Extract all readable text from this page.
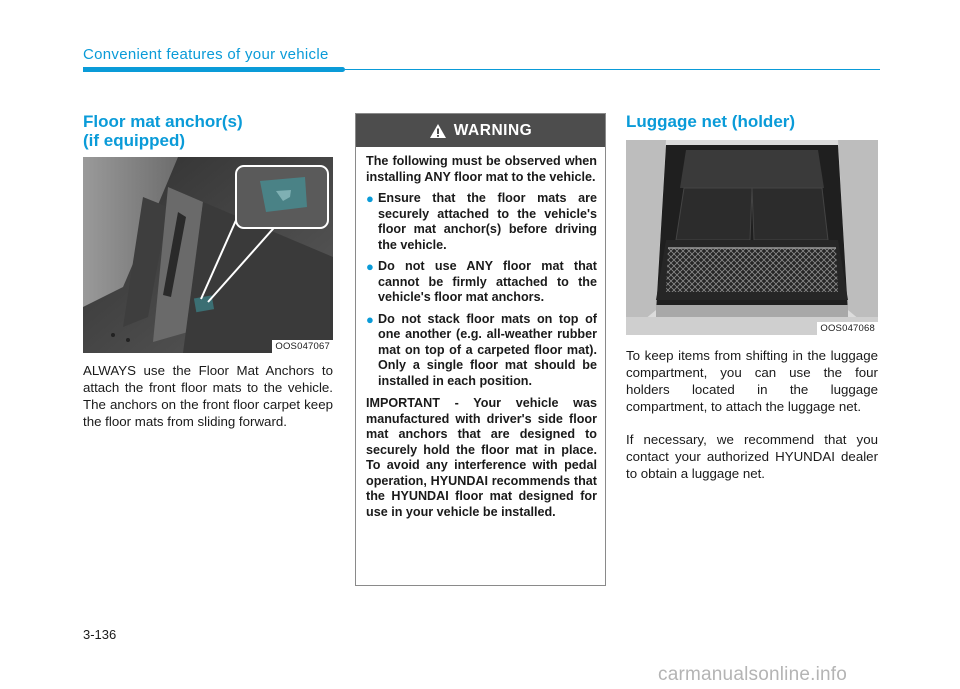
Convenient features of your vehicle
Floor mat anchor(s)
(if equipped)
OOS047067

ALWAYS use the Floor Mat Anchors to attach the front floor mats to the vehicle. The anchors on the front floor carpet keep the floor mats from sliding forward.

WARNING

The following must be observed when installing ANY floor mat to the vehicle.

● Ensure that the floor mats are securely attached to the vehicle's floor mat anchor(s) before driving the vehicle.
● Do not use ANY floor mat that cannot be firmly attached to the vehicle's floor mat anchors.
● Do not stack floor mats on top of one another (e.g. all-weather rubber mat on top of a carpeted floor mat). Only a single floor mat should be installed in each position.

IMPORTANT - Your vehicle was manufactured with driver's side floor mat anchors that are designed to securely hold the floor mat in place. To avoid any interference with pedal operation, HYUNDAI recommends that the HYUNDAI floor mat designed for use in your vehicle be installed.

Luggage net (holder)
OOS047068

To keep items from shifting in the luggage compartment, you can use the four holders located in the luggage compartment, to attach the luggage net.

If necessary, we recommend that you contact your authorized HYUNDAI dealer to obtain a luggage net.

3-136
carmanualsonline.info
